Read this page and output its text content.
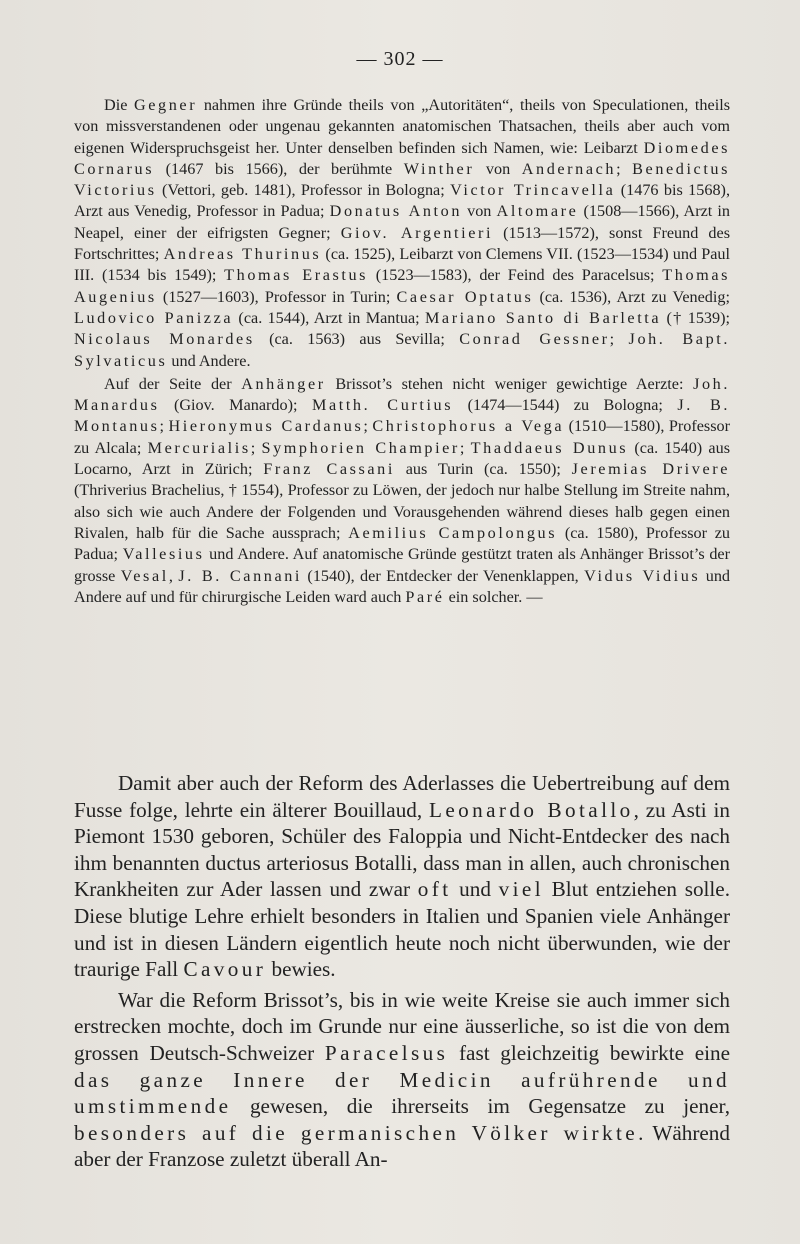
— 302 —

Die Gegner nahmen ihre Gründe theils von „Autoritäten“, theils von Speculationen, theils von missverstandenen oder ungenau gekannten anatomischen Thatsachen, theils aber auch vom eigenen Widerspruchsgeist her. Unter denselben befinden sich Namen, wie: Leibarzt Diomedes Cornarus (1467 bis 1566), der berühmte Winther von Andernach; Benedictus Victorius (Vettori, geb. 1481), Professor in Bologna; Victor Trincavella (1476 bis 1568), Arzt aus Venedig, Professor in Padua; Donatus Anton von Altomare (1508—1566), Arzt in Neapel, einer der eifrigsten Gegner; Giov. Argentieri (1513—1572), sonst Freund des Fortschrittes; Andreas Thurinus (ca. 1525), Leibarzt von Clemens VII. (1523—1534) und Paul III. (1534 bis 1549); Thomas Erastus (1523—1583), der Feind des Paracelsus; Thomas Augenius (1527—1603), Professor in Turin; Caesar Optatus (ca. 1536), Arzt zu Venedig; Ludovico Panizza (ca. 1544), Arzt in Mantua; Mariano Santo di Barletta († 1539); Nicolaus Monardes (ca. 1563) aus Sevilla; Conrad Gessner; Joh. Bapt. Sylvaticus und Andere.

Auf der Seite der Anhänger Brissot’s stehen nicht weniger gewichtige Aerzte: Joh. Manardus (Giov. Manardo); Matth. Curtius (1474—1544) zu Bologna; J. B. Montanus; Hieronymus Cardanus; Christophorus a Vega (1510—1580), Professor zu Alcala; Mercurialis; Symphorien Champier; Thaddaeus Dunus (ca. 1540) aus Locarno, Arzt in Zürich; Franz Cassani aus Turin (ca. 1550); Jeremias Drivere (Thriverius Brachelius, † 1554), Professor zu Löwen, der jedoch nur halbe Stellung im Streite nahm, also sich wie auch Andere der Folgenden und Vorausgehenden während dieses halb gegen einen Rivalen, halb für die Sache aussprach; Aemilius Campolongus (ca. 1580), Professor zu Padua; Vallesius und Andere. Auf anatomische Gründe gestützt traten als Anhänger Brissot’s der grosse Vesal, J. B. Cannani (1540), der Entdecker der Venenklappen, Vidus Vidius und Andere auf und für chirurgische Leiden ward auch Paré ein solcher. —

Damit aber auch der Reform des Aderlasses die Uebertreibung auf dem Fusse folge, lehrte ein älterer Bouillaud, Leonardo Botallo, zu Asti in Piemont 1530 geboren, Schüler des Faloppia und Nicht-Entdecker des nach ihm benannten ductus arteriosus Botalli, dass man in allen, auch chronischen Krankheiten zur Ader lassen und zwar oft und viel Blut entziehen solle. Diese blutige Lehre erhielt besonders in Italien und Spanien viele Anhänger und ist in diesen Ländern eigentlich heute noch nicht überwunden, wie der traurige Fall Cavour bewies.

War die Reform Brissot’s, bis in wie weite Kreise sie auch immer sich erstrecken mochte, doch im Grunde nur eine äusserliche, so ist die von dem grossen Deutsch-Schweizer Paracelsus fast gleichzeitig bewirkte eine das ganze Innere der Medicin aufrührende und umstimmende gewesen, die ihrerseits im Gegensatze zu jener, besonders auf die germanischen Völker wirkte. Während aber der Franzose zuletzt überall An-
